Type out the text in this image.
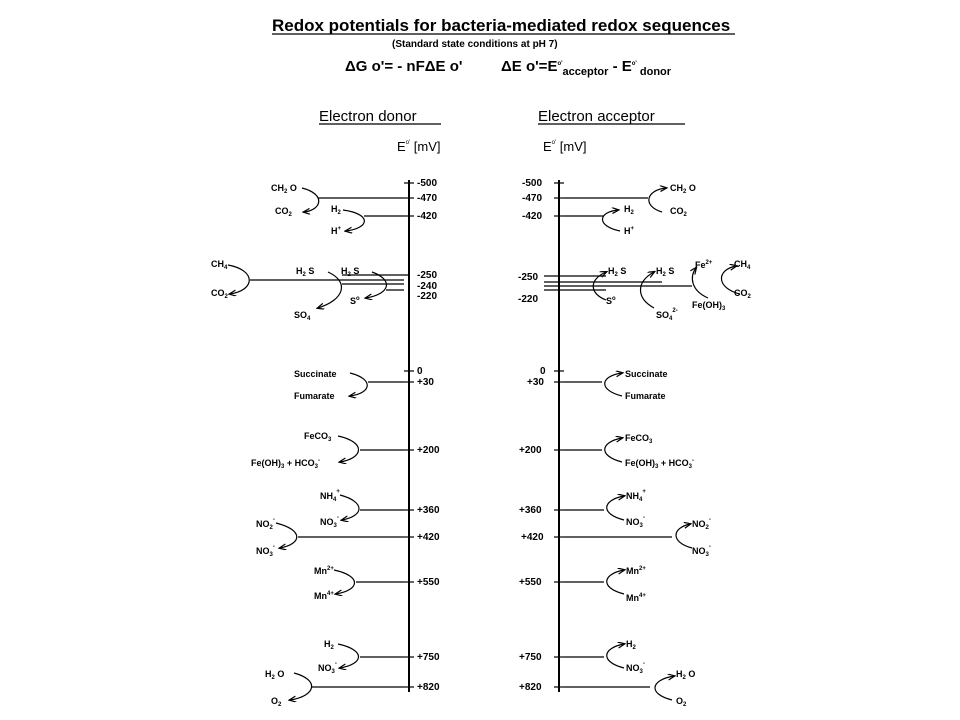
Redox potentials for bacteria-mediated redox sequences
(Standard state conditions at pH 7)
ΔG o'= - nFΔE o'	ΔE $o'=E^{o'}_{acceptor} - E^{o'}$ $_{donor}$
Electron donor	Electron acceptor
$E^{o'}$ [mV]	$E^{o'}$ [mV]
-500
-470
-420
-250
-240
-220
0
+30
+200
+360
+420
+550
+750
+820
-500
-470
-420
-250
-220
0
+30
+200
+360
+420
+550
+750
+820
$CH_2$ O
$CO_2$
$H_2$
H+
$CH_4$
$CO_2$
$H_2$ S
$SO_4$
$H_2$ S
$S^o$
Succinate
Fumarate
FeCO$_3$
$Fe(OH)_3 + HCO_3^-$
$NH_4^+$
$NO_3^-$
$NO_2^-$
$NO_3^-$
$Mn^{2+}$
$Mn^{4+}$
$H_2$
$NO_3^-$
$H_2$ O
$O_2$
$CH_2$ O
$CO_2$
$H_2$
H+
$H_2$ S
$SO_4^{2-}$
$H_2$ S
$S^o$
$Fe^{2+}$
$Fe(OH)_3$
$CH_4$
$CO_2$
Succinate
Fumarate
FeCO$_3$
$Fe(OH)_3 + HCO_3^-$
$NH_4^+$
$NO_3^-$
$NO_2^-$
$NO_3^-$
$Mn^{2+}$
$Mn^{4+}$
$H_2$
$NO_3^-$
$H_2$ O
$O_2$
